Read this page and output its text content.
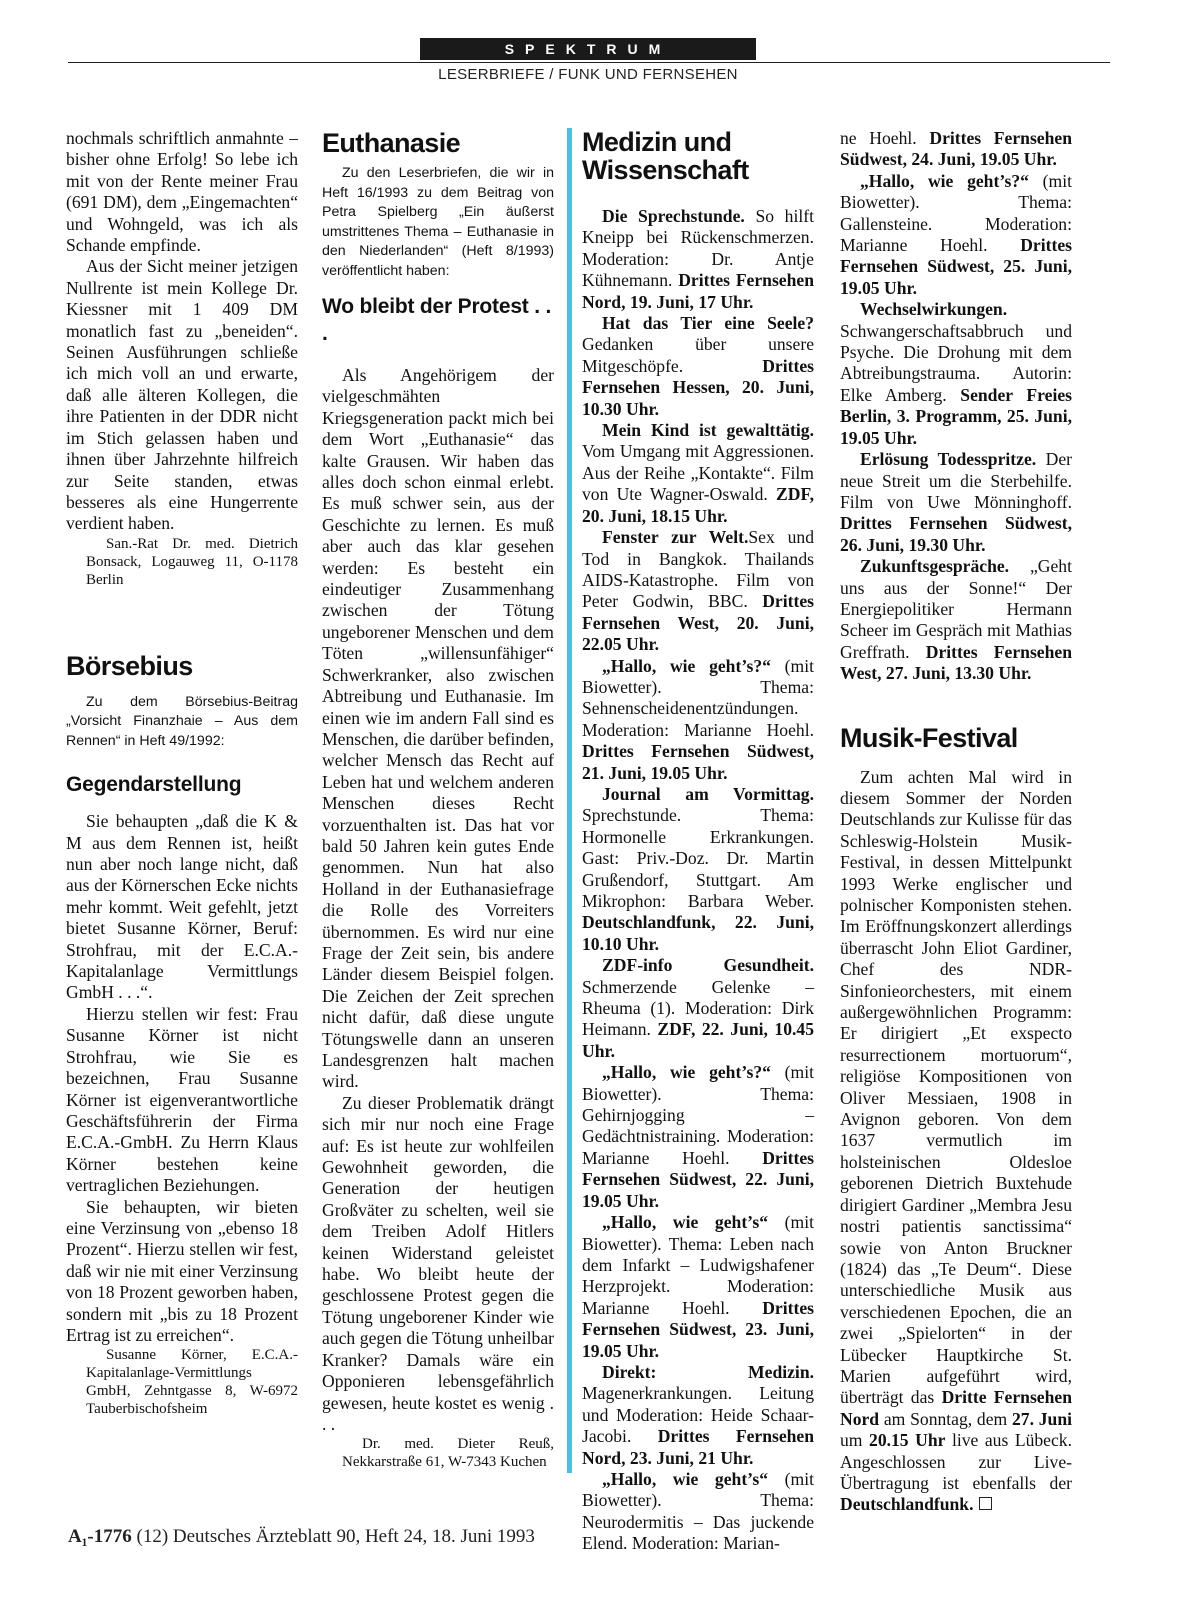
SPEKTRUM
LESERBRIEFE / FUNK UND FERNSEHEN

nochmals schriftlich anmahnte – bisher ohne Erfolg! So lebe ich mit von der Rente meiner Frau (691 DM), dem „Eingemachten“ und Wohngeld, was ich als Schande empfinde.

Aus der Sicht meiner jetzigen Nullrente ist mein Kollege Dr. Kiessner mit 1 409 DM monatlich fast zu „beneiden“. Seinen Ausführungen schließe ich mich voll an und erwarte, daß alle älteren Kollegen, die ihre Patienten in der DDR nicht im Stich gelassen haben und ihnen über Jahrzehnte hilfreich zur Seite standen, etwas besseres als eine Hungerrente verdient haben.

San.-Rat Dr. med. Dietrich Bonsack, Logauweg 11, O-1178 Berlin

Börsebius

Zu dem Börsebius-Beitrag „Vorsicht Finanzhaie – Aus dem Rennen“ in Heft 49/1992:

Gegendarstellung

Sie behaupten „daß die K & M aus dem Rennen ist, heißt nun aber noch lange nicht, daß aus der Körnerschen Ecke nichts mehr kommt. Weit gefehlt, jetzt bietet Susanne Körner, Beruf: Strohfrau, mit der E.C.A.-Kapitalanlage Vermittlungs GmbH . . .“.

Hierzu stellen wir fest: Frau Susanne Körner ist nicht Strohfrau, wie Sie es bezeichnen, Frau Susanne Körner ist eigenverantwortliche Geschäftsführerin der Firma E.C.A.-GmbH. Zu Herrn Klaus Körner bestehen keine vertraglichen Beziehungen.

Sie behaupten, wir bieten eine Verzinsung von „ebenso 18 Prozent“. Hierzu stellen wir fest, daß wir nie mit einer Verzinsung von 18 Prozent geworben haben, sondern mit „bis zu 18 Prozent Ertrag ist zu erreichen“.

Susanne Körner, E.C.A.-Kapitalanlage-Vermittlungs GmbH, Zehntgasse 8, W-6972 Tauberbischofsheim

Euthanasie

Zu den Leserbriefen, die wir in Heft 16/1993 zu dem Beitrag von Petra Spielberg „Ein äußerst umstrittenes Thema – Euthanasie in den Niederlanden“ (Heft 8/1993) veröffentlicht haben:

Wo bleibt der Protest . . .

Als Angehörigem der vielgeschmähten Kriegsgeneration packt mich bei dem Wort „Euthanasie“ das kalte Grausen. Wir haben das alles doch schon einmal erlebt. Es muß schwer sein, aus der Geschichte zu lernen. Es muß aber auch das klar gesehen werden: Es besteht ein eindeutiger Zusammenhang zwischen der Tötung ungeborener Menschen und dem Töten „willensunfähiger“ Schwerkranker, also zwischen Abtreibung und Euthanasie. Im einen wie im andern Fall sind es Menschen, die darüber befinden, welcher Mensch das Recht auf Leben hat und welchem anderen Menschen dieses Recht vorzuenthalten ist. Das hat vor bald 50 Jahren kein gutes Ende genommen. Nun hat also Holland in der Euthanasiefrage die Rolle des Vorreiters übernommen. Es wird nur eine Frage der Zeit sein, bis andere Länder diesem Beispiel folgen. Die Zeichen der Zeit sprechen nicht dafür, daß diese ungute Tötungswelle dann an unseren Landesgrenzen halt machen wird.

Zu dieser Problematik drängt sich mir nur noch eine Frage auf: Es ist heute zur wohlfeilen Gewohnheit geworden, die Generation der heutigen Großväter zu schelten, weil sie dem Treiben Adolf Hitlers keinen Widerstand geleistet habe. Wo bleibt heute der geschlossene Protest gegen die Tötung ungeborener Kinder wie auch gegen die Tötung unheilbar Kranker? Damals wäre ein Opponieren lebensgefährlich gewesen, heute kostet es wenig . . .

Dr. med. Dieter Reuß, Nekkarstraße 61, W-7343 Kuchen

Medizin und Wissenschaft

Die Sprechstunde. So hilft Kneipp bei Rückenschmerzen. Moderation: Dr. Antje Kühnemann. Drittes Fernsehen Nord, 19. Juni, 17 Uhr.

Hat das Tier eine Seele? Gedanken über unsere Mitgeschöpfe. Drittes Fernsehen Hessen, 20. Juni, 10.30 Uhr.

Mein Kind ist gewalttätig. Vom Umgang mit Aggressionen. Aus der Reihe „Kontakte“. Film von Ute Wagner-Oswald. ZDF, 20. Juni, 18.15 Uhr.

Fenster zur Welt.Sex und Tod in Bangkok. Thailands AIDS-Katastrophe. Film von Peter Godwin, BBC. Drittes Fernsehen West, 20. Juni, 22.05 Uhr.

„Hallo, wie geht’s?“ (mit Biowetter). Thema: Sehnenscheidenentzündungen. Moderation: Marianne Hoehl. Drittes Fernsehen Südwest, 21. Juni, 19.05 Uhr.

Journal am Vormittag. Sprechstunde. Thema: Hormonelle Erkrankungen. Gast: Priv.-Doz. Dr. Martin Grußendorf, Stuttgart. Am Mikrophon: Barbara Weber. Deutschlandfunk, 22. Juni, 10.10 Uhr.

ZDF-info Gesundheit. Schmerzende Gelenke – Rheuma (1). Moderation: Dirk Heimann. ZDF, 22. Juni, 10.45 Uhr.

„Hallo, wie geht’s?“ (mit Biowetter). Thema: Gehirnjogging – Gedächtnistraining. Moderation: Marianne Hoehl. Drittes Fernsehen Südwest, 22. Juni, 19.05 Uhr.

„Hallo, wie geht’s“ (mit Biowetter). Thema: Leben nach dem Infarkt – Ludwigshafener Herzprojekt. Moderation: Marianne Hoehl. Drittes Fernsehen Südwest, 23. Juni, 19.05 Uhr.

Direkt: Medizin. Magenerkrankungen. Leitung und Moderation: Heide Schaar-Jacobi. Drittes Fernsehen Nord, 23. Juni, 21 Uhr.

„Hallo, wie geht’s“ (mit Biowetter). Thema: Neurodermitis – Das juckende Elend. Moderation: Marian-

ne Hoehl. Drittes Fernsehen Südwest, 24. Juni, 19.05 Uhr.

„Hallo, wie geht’s?“ (mit Biowetter). Thema: Gallensteine. Moderation: Marianne Hoehl. Drittes Fernsehen Südwest, 25. Juni, 19.05 Uhr.

Wechselwirkungen. Schwangerschaftsabbruch und Psyche. Die Drohung mit dem Abtreibungstrauma. Autorin: Elke Amberg. Sender Freies Berlin, 3. Programm, 25. Juni, 19.05 Uhr.

Erlösung Todesspritze. Der neue Streit um die Sterbehilfe. Film von Uwe Mönninghoff. Drittes Fernsehen Südwest, 26. Juni, 19.30 Uhr.

Zukunftsgespräche. „Geht uns aus der Sonne!“ Der Energiepolitiker Hermann Scheer im Gespräch mit Mathias Greffrath. Drittes Fernsehen West, 27. Juni, 13.30 Uhr.

Musik-Festival

Zum achten Mal wird in diesem Sommer der Norden Deutschlands zur Kulisse für das Schleswig-Holstein Musik-Festival, in dessen Mittelpunkt 1993 Werke englischer und polnischer Komponisten stehen. Im Eröffnungskonzert allerdings überrascht John Eliot Gardiner, Chef des NDR-Sinfonieorchesters, mit einem außergewöhnlichen Programm: Er dirigiert „Et exspecto resurrectionem mortuorum“, religiöse Kompositionen von Oliver Messiaen, 1908 in Avignon geboren. Von dem 1637 vermutlich im holsteinischen Oldesloe geborenen Dietrich Buxtehude dirigiert Gardiner „Membra Jesu nostri patientis sanctissima“ sowie von Anton Bruckner (1824) das „Te Deum“. Diese unterschiedliche Musik aus verschiedenen Epochen, die an zwei „Spielorten“ in der Lübecker Hauptkirche St. Marien aufgeführt wird, überträgt das Dritte Fernsehen Nord am Sonntag, dem 27. Juni um 20.15 Uhr live aus Lübeck. Angeschlossen zur Live-Übertragung ist ebenfalls der Deutschlandfunk.

A₁-1776 (12) Deutsches Ärzteblatt 90, Heft 24, 18. Juni 1993
